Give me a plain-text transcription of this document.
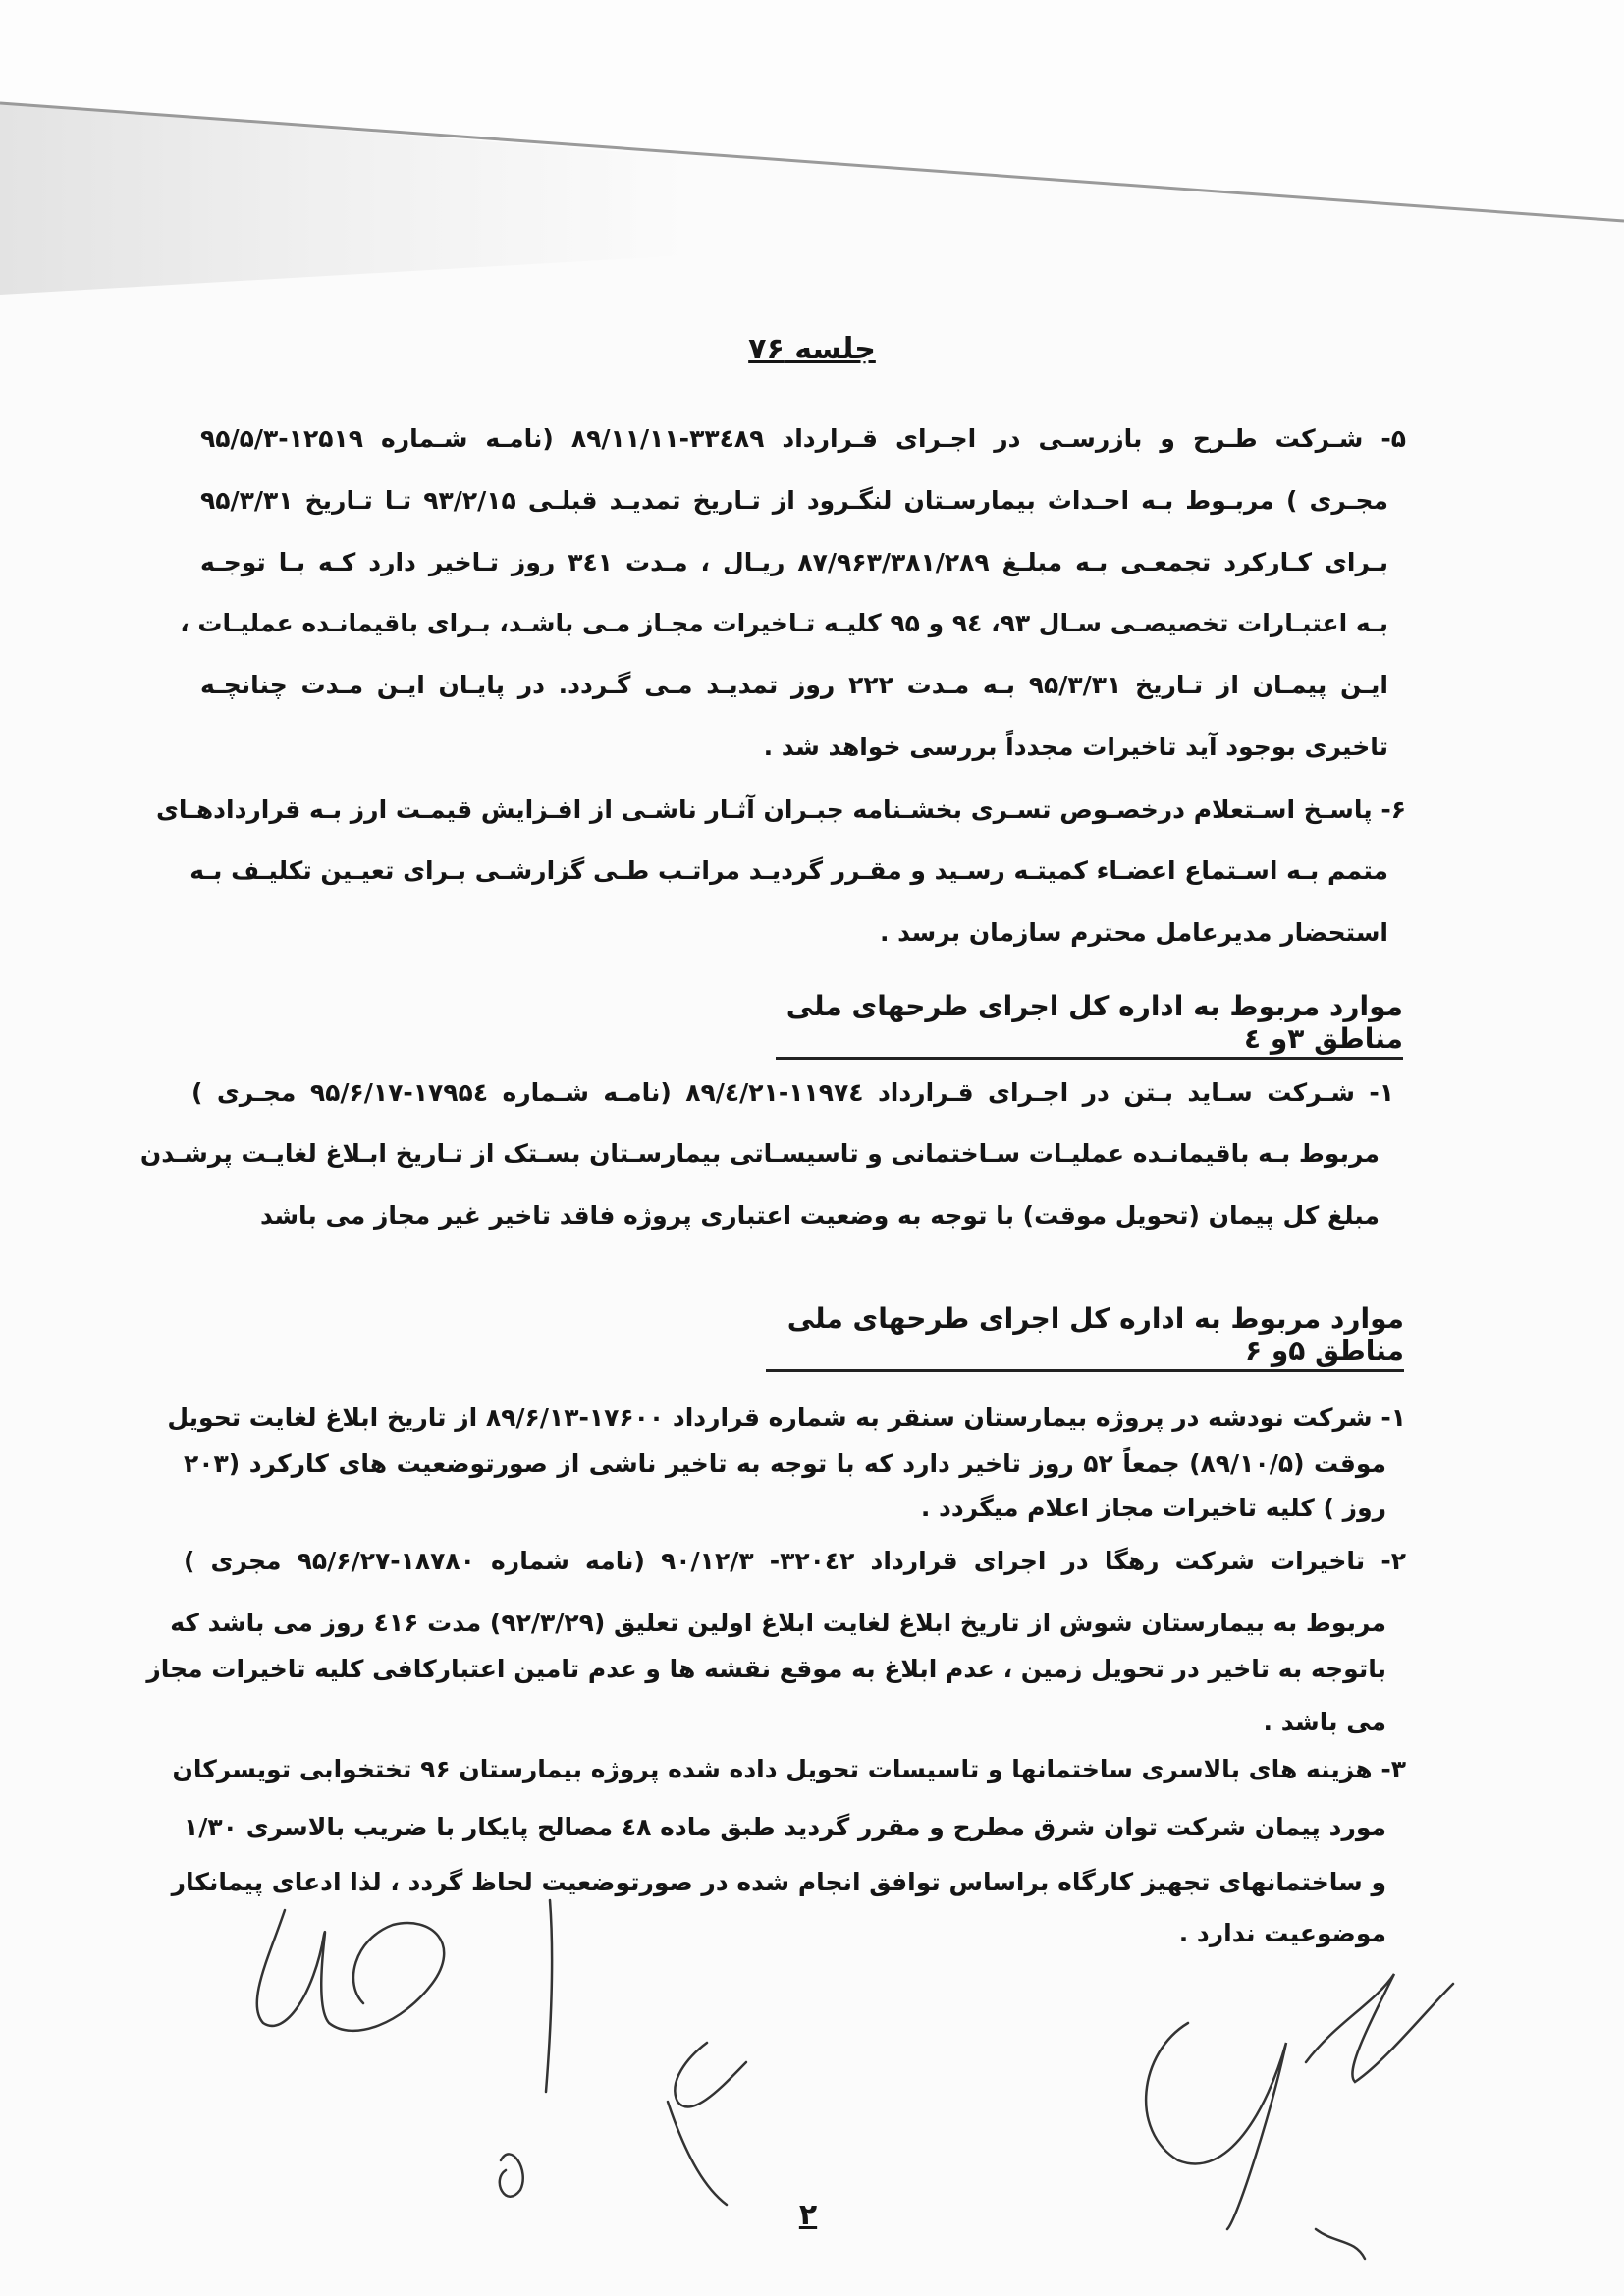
جلسه ۷۶
۵- شـرکت طـرح و بازرسـی در اجـرای قـرارداد ۳۳٤۸۹-۸۹/۱۱/۱۱ (نامـه شـماره ۱۲۵۱۹-۹۵/۵/۳
مجـری ) مربـوط بـه احـداث بیمارسـتان لنگـرود از تـاریخ تمدیـد قبلـی ۹۳/۲/۱۵ تـا تـاریخ ۹۵/۳/۳۱
بـرای کـارکرد تجمعـی بـه مبلـغ ۸۷/۹۶۳/۳۸۱/۲۸۹ ریـال ، مـدت ۳٤۱ روز تـاخیر دارد کـه بـا توجـه
بـه اعتبـارات تخصیصـی سـال ۹۳، ۹٤ و ۹۵ کلیـه تـاخیرات مجـاز مـی باشـد، بـرای باقیمانـده عملیـات ،
ایـن پیمـان از تـاریخ ۹۵/۳/۳۱ بـه مـدت ۲۲۲ روز تمدیـد مـی گـردد. در پایـان ایـن مـدت چنانچـه
تاخیری بوجود آید تاخیرات مجدداً بررسی خواهد شد .
۶- پاسـخ اسـتعلام درخصـوص تسـری بخشـنامه جبـران آثـار ناشـی از افـزایش قیمـت ارز بـه قراردادهـای
متمم بـه اسـتماع اعضـاء کمیتـه رسـید و مقـرر گردیـد مراتـب طـی گزارشـی بـرای تعیـین تکلیـف بـه
استحضار مدیرعامل محترم سازمان برسد .
موارد مربوط به اداره کل اجرای طرحهای ملی مناطق ۳و ٤
۱- شـرکت سـاید بـتن در اجـرای قـرارداد ۱۱۹۷٤-۸۹/٤/۲۱ (نامـه شـماره ۱۷۹۵٤-۹۵/۶/۱۷ مجـری )
مربوط بـه باقیمانـده عملیـات سـاختمانی و تاسیسـاتی بیمارسـتان بسـتک از تـاریخ ابـلاغ لغایـت پرشـدن
مبلغ کل پیمان (تحویل موقت) با توجه به وضعیت اعتباری پروژه فاقد تاخیر غیر مجاز می باشد
موارد مربوط به اداره کل اجرای طرحهای ملی مناطق ۵و ۶
۱- شرکت نودشه در پروژه بیمارستان سنقر به شماره قرارداد ۱۷۶۰۰-۸۹/۶/۱۳ از تاریخ ابلاغ لغایت تحویل
موقت (۸۹/۱۰/۵) جمعاً ۵۲ روز تاخیر دارد که با توجه به تاخیر ناشی از صورتوضعیت های کارکرد (۲۰۳
روز ) کلیه تاخیرات مجاز اعلام میگردد .
۲- تاخیرات شرکت رهگا در اجرای قرارداد ۳۲۰٤۲- ۹۰/۱۲/۳ (نامه شماره ۱۸۷۸۰-۹۵/۶/۲۷ مجری )
مربوط به بیمارستان شوش از تاریخ ابلاغ لغایت ابلاغ اولین تعلیق (۹۲/۳/۲۹) مدت ٤۱۶ روز می باشد که
باتوجه به تاخیر در تحویل زمین ، عدم ابلاغ به موقع نقشه ها و عدم تامین اعتبارکافی کلیه تاخیرات مجاز
می باشد .
۳- هزینه های بالاسری ساختمانها و تاسیسات تحویل داده شده پروژه بیمارستان ۹۶ تختخوابی تویسرکان
مورد پیمان شرکت توان شرق مطرح و مقرر گردید طبق ماده ٤۸ مصالح پایکار با ضریب بالاسری ۱/۳۰
و ساختمانهای تجهیز کارگاه براساس توافق انجام شده در صورتوضعیت لحاظ گردد ، لذا ادعای پیمانکار
موضوعیت ندارد .
۲
